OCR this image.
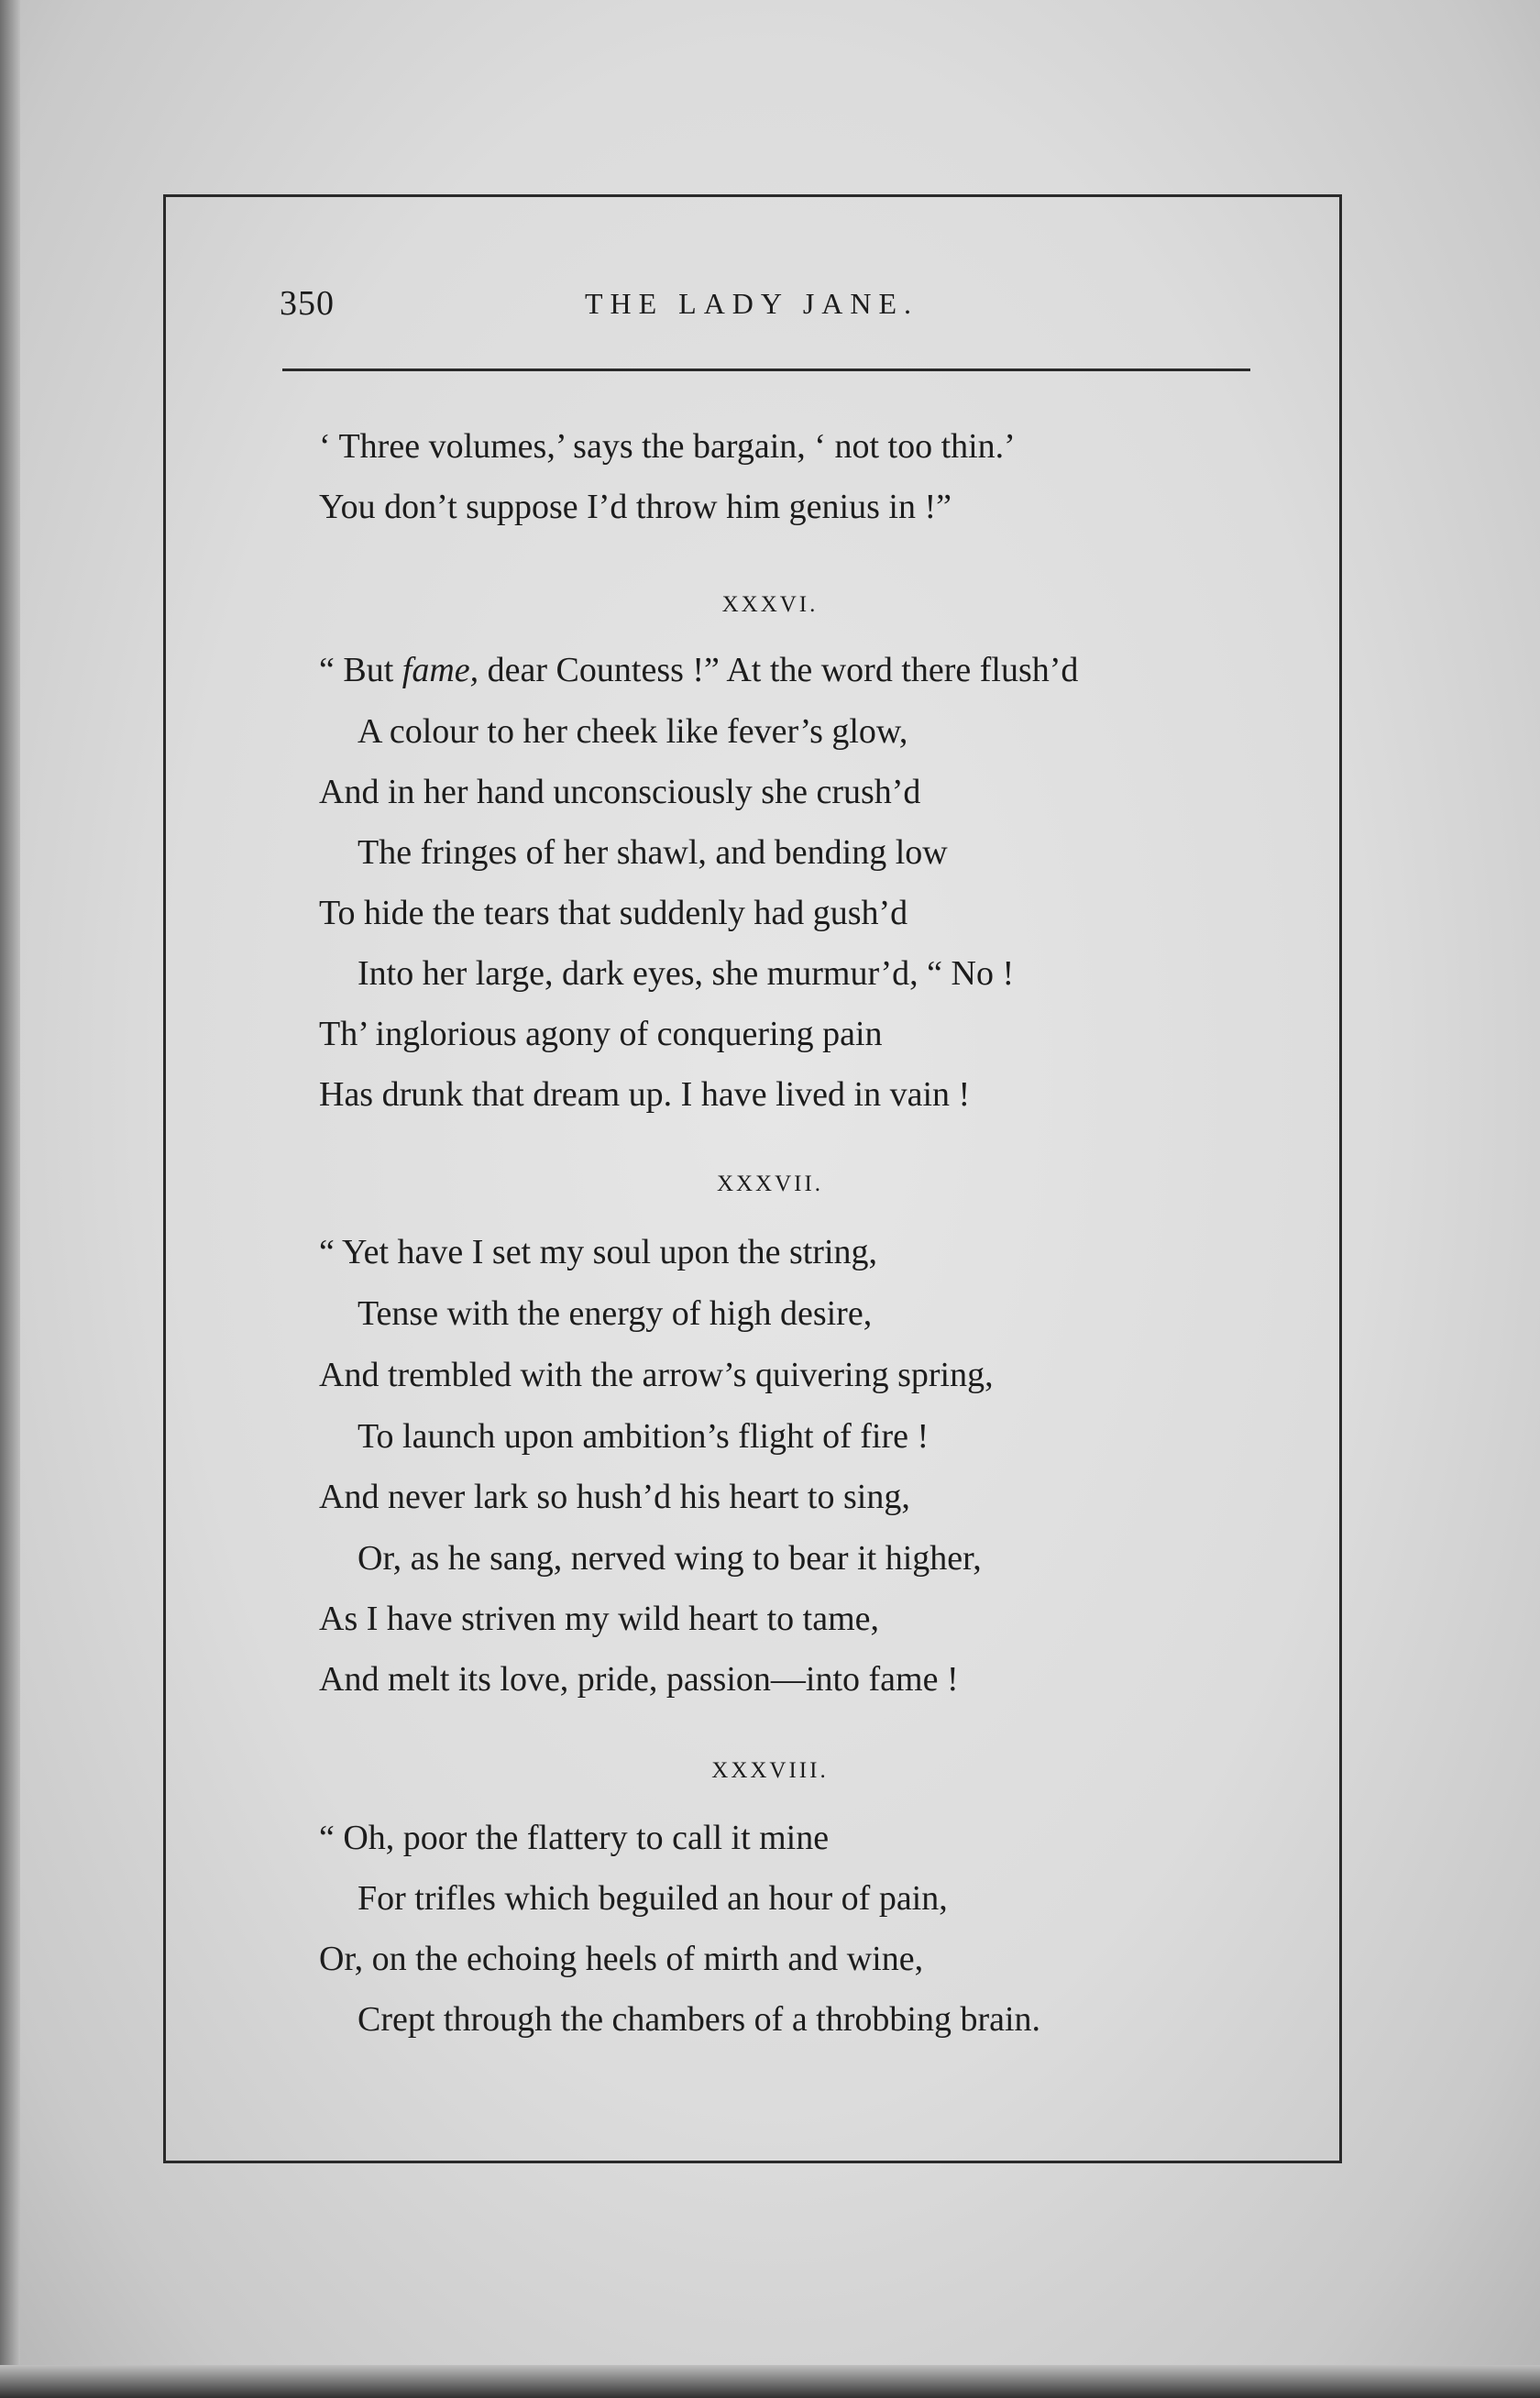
350	THE LADY JANE.
‘ Three volumes,’ says the bargain, ‘ not too thin.’
You don’t suppose I’d throw him genius in !”
XXXVI.
“ But fame, dear Countess !” At the word there flush’d
A colour to her cheek like fever’s glow,
And in her hand unconsciously she crush’d
The fringes of her shawl, and bending low
To hide the tears that suddenly had gush’d
Into her large, dark eyes, she murmur’d, “ No !
Th’ inglorious agony of conquering pain
Has drunk that dream up. I have lived in vain !
XXXVII.
“ Yet have I set my soul upon the string,
Tense with the energy of high desire,
And trembled with the arrow’s quivering spring,
To launch upon ambition’s flight of fire !
And never lark so hush’d his heart to sing,
Or, as he sang, nerved wing to bear it higher,
As I have striven my wild heart to tame,
And melt its love, pride, passion—into fame !
XXXVIII.
“ Oh, poor the flattery to call it mine
For trifles which beguiled an hour of pain,
Or, on the echoing heels of mirth and wine,
Crept through the chambers of a throbbing brain.
